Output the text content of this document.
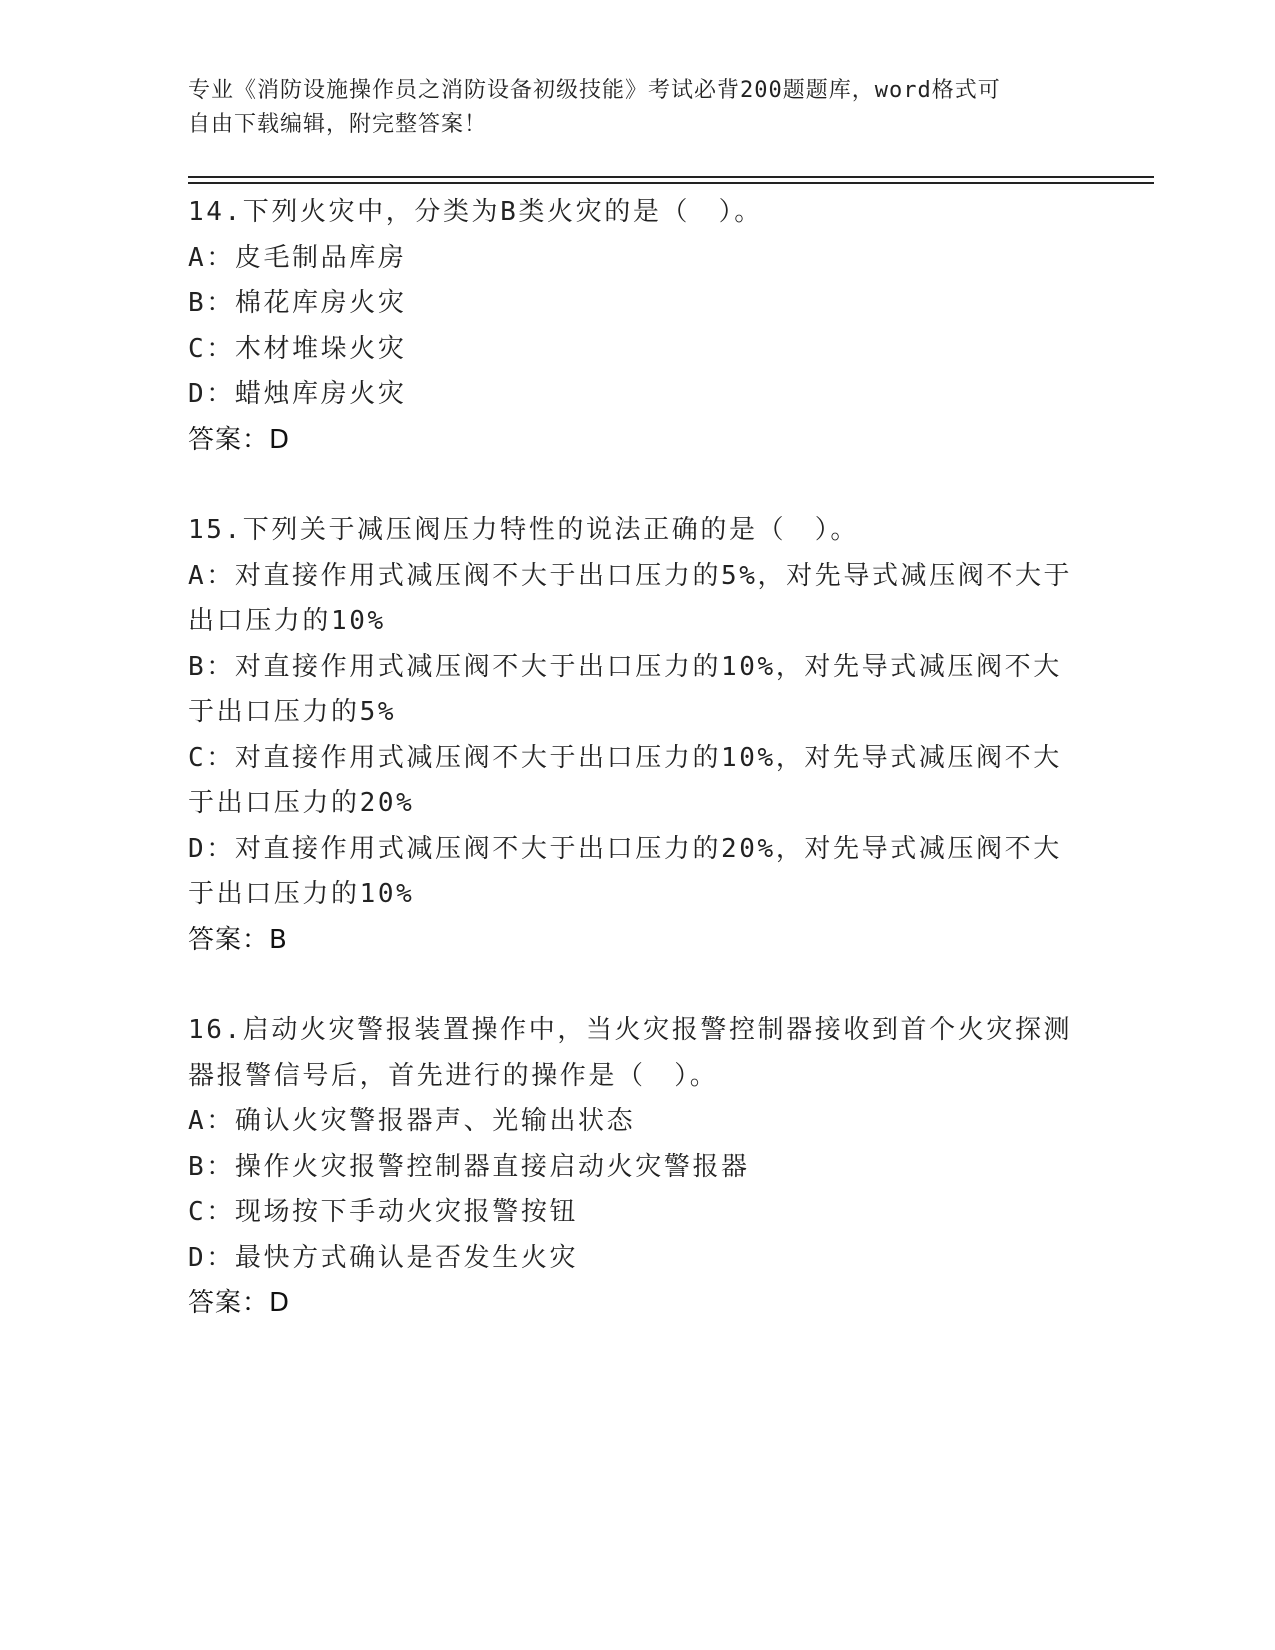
专业《消防设施操作员之消防设备初级技能》考试必背200题题库，word格式可
自由下载编辑，附完整答案！
14.下列火灾中，分类为B类火灾的是（　）。
A：皮毛制品库房
B：棉花库房火灾
C：木材堆垛火灾
D：蜡烛库房火灾
答案：D
15.下列关于减压阀压力特性的说法正确的是（　）。
A：对直接作用式减压阀不大于出口压力的5%，对先导式减压阀不大于
出口压力的10%
B：对直接作用式减压阀不大于出口压力的10%，对先导式减压阀不大
于出口压力的5%
C：对直接作用式减压阀不大于出口压力的10%，对先导式减压阀不大
于出口压力的20%
D：对直接作用式减压阀不大于出口压力的20%，对先导式减压阀不大
于出口压力的10%
答案：B
16.启动火灾警报装置操作中，当火灾报警控制器接收到首个火灾探测
器报警信号后，首先进行的操作是（　）。
A：确认火灾警报器声、光输出状态
B：操作火灾报警控制器直接启动火灾警报器
C：现场按下手动火灾报警按钮
D：最快方式确认是否发生火灾
答案：D
